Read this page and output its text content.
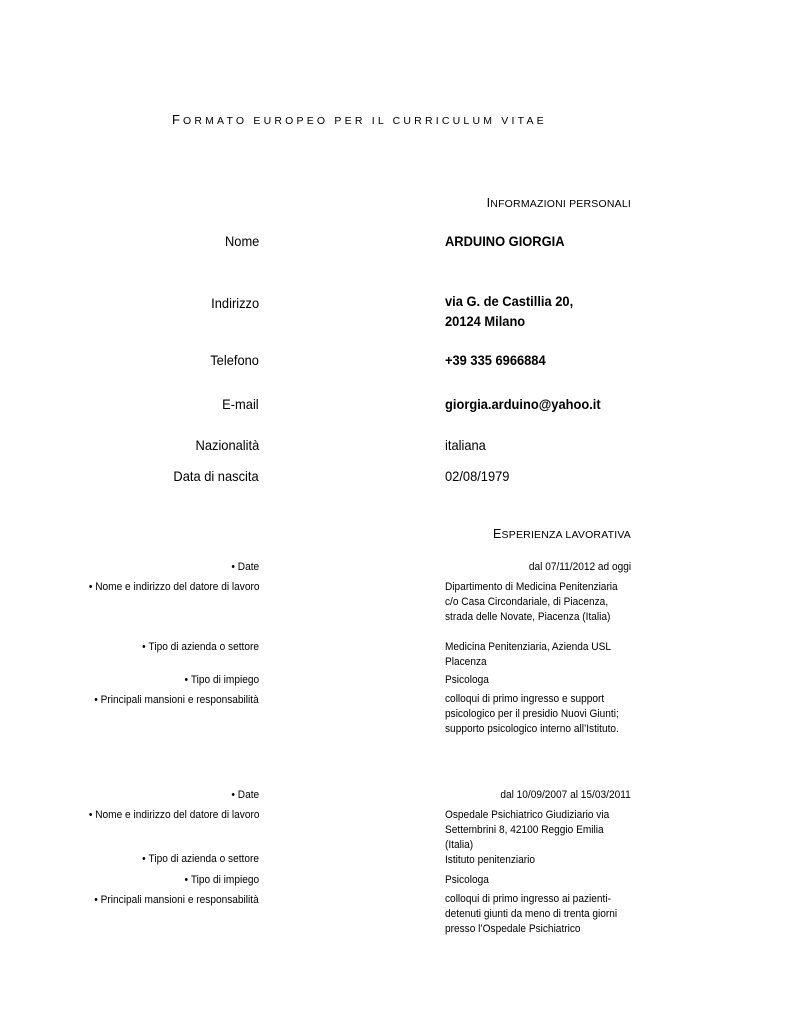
FORMATO EUROPEO PER IL CURRICULUM VITAE
INFORMAZIONI PERSONALI
Nome	ARDUINO GIORGIA
Indirizzo	via G. de Castillia 20,
20124 Milano
Telefono	+39 335 6966884
E-mail	giorgia.arduino@yahoo.it
Nazionalità	italiana
Data di nascita	02/08/1979
ESPERIENZA LAVORATIVA
• Date	dal 07/11/2012 ad oggi
• Nome e indirizzo del datore di lavoro	Dipartimento di Medicina Penitenziaria c/o Casa Circondariale, di Piacenza, strada delle Novate, Piacenza (Italia)
• Tipo di azienda o settore	Medicina Penitenziaria, Azienda USL Placenza
• Tipo di impiego	Psicologa
• Principali mansioni e responsabilità	colloqui di primo ingresso e support psicologico per il presidio Nuovi Giunti; supporto psicologico interno all’Istituto.
• Date	dal 10/09/2007 al 15/03/2011
• Nome e indirizzo del datore di lavoro	Ospedale Psichiatrico Giudiziario via Settembrini 8, 42100 Reggio Emilia (Italia)
• Tipo di azienda o settore	Istituto penitenziario
• Tipo di impiego	Psicologa
• Principali mansioni e responsabilità	colloqui di primo ingresso ai pazienti-detenuti giunti da meno di trenta giorni presso l’Ospedale Psichiatrico
